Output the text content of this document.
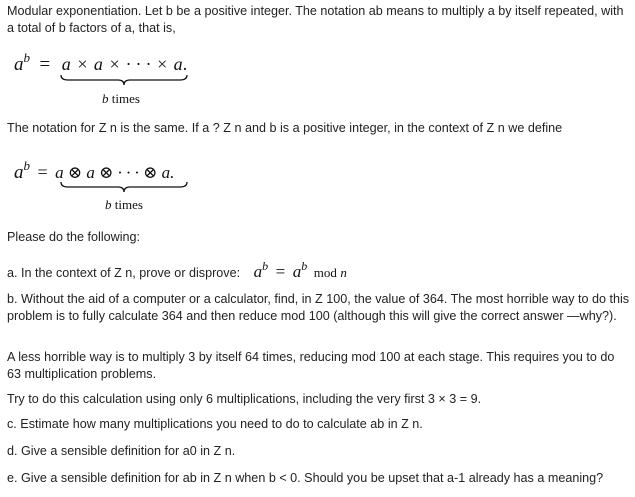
Modular exponentiation. Let b be a positive integer. The notation ab means to multiply a by itself repeated, with a total of b factors of a, that is,

ab = a × a × · · · × a.
b times

The notation for Z n is the same. If a ? Z n and b is a positive integer, in the context of Z n we define

ab = a ⊗ a ⊗ · · · ⊗ a.
b times

Please do the following:

a. In the context of Z n, prove or disprove: ab = ab mod n

b. Without the aid of a computer or a calculator, find, in Z 100, the value of 364. The most horrible way to do this problem is to fully calculate 364 and then reduce mod 100 (although this will give the correct answer —why?).

A less horrible way is to multiply 3 by itself 64 times, reducing mod 100 at each stage. This requires you to do 63 multiplication problems.

Try to do this calculation using only 6 multiplications, including the very first 3 × 3 = 9.

c. Estimate how many multiplications you need to do to calculate ab in Z n.

d. Give a sensible definition for a0 in Z n.

e. Give a sensible definition for ab in Z n when b < 0. Should you be upset that a-1 already has a meaning?
